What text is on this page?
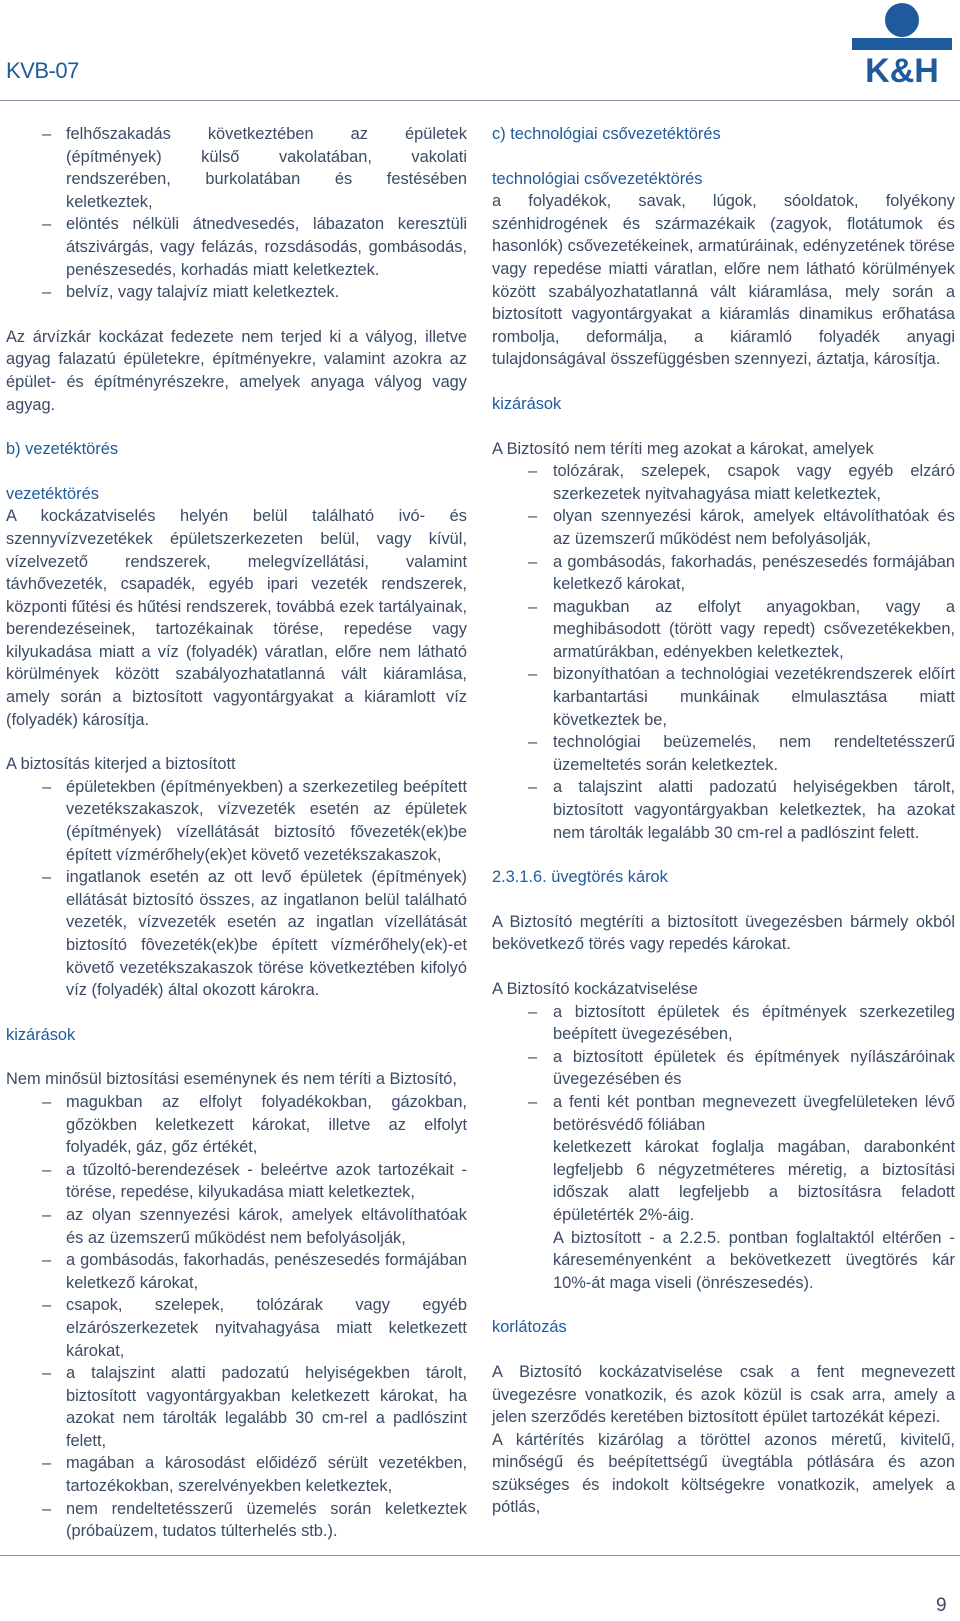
KVB-07	K&H

– felhőszakadás következtében az épületek (építmények) külső vakolatában, vakolati rendszerében, burkolatában és festésében keletkeztek,

– elöntés nélküli átnedvesedés, lábazaton keresztüli átszivárgás, vagy felázás, rozsdásodás, gombásodás, penészesedés, korhadás miatt keletkeztek.

– belvíz, vagy talajvíz miatt keletkeztek.

Az árvízkár kockázat fedezete nem terjed ki a vályog, illetve agyag falazatú épületekre, építményekre, valamint azokra az épület- és építményrészekre, amelyek anyaga vályog vagy agyag.

b) vezetéktörés

vezetéktörés

A kockázatviselés helyén belül található ivó- és szennyvízvezetékek épületszerkezeten belül, vagy kívül, vízelvezető rendszerek, melegvízellátási, valamint távhővezeték, csapadék, egyéb ipari vezeték rendszerek, központi fűtési és hűtési rendszerek, továbbá ezek tartályainak, berendezéseinek, tartozékainak törése, repedése vagy kilyukadása miatt a víz (folyadék) váratlan, előre nem látható körülmények között szabályozhatatlanná vált kiáramlása, amely során a biztosított vagyontárgyakat a kiáramlott víz (folyadék) károsítja.

A biztosítás kiterjed a biztosított

– épületekben (építményekben) a szerkezetileg beépített vezetékszakaszok, vízvezeték esetén az épületek (építmények) vízellátását biztosító fővezeték(ek)be épített vízmérőhely(ek)et követő vezetékszakaszok,

– ingatlanok esetén az ott levő épületek (építmények) ellátását biztosító összes, az ingatlanon belül található vezeték, vízvezeték esetén az ingatlan vízellátását biztosító fôvezeték(ek)be épített vízmérőhely(ek)-et követő vezetékszakaszok törése következtében kifolyó víz (folyadék) által okozott károkra.

kizárások

Nem minősül biztosítási eseménynek és nem téríti a Biztosító,

– magukban az elfolyt folyadékokban, gázokban, gőzökben keletkezett károkat, illetve az elfolyt folyadék, gáz, gőz értékét,

– a tűzoltó-berendezések - beleértve azok tartozékait - törése, repedése, kilyukadása miatt keletkeztek,

– az olyan szennyezési károk, amelyek eltávolíthatóak és az üzemszerű működést nem befolyásolják,

– a gombásodás, fakorhadás, penészesedés formájában keletkező károkat,

– csapok, szelepek, tolózárak vagy egyéb elzárószerkezetek nyitvahagyása miatt keletkezett károkat,

– a talajszint alatti padozatú helyiségekben tárolt, biztosított vagyontárgyakban keletkezett károkat, ha azokat nem tárolták legalább 30 cm-rel a padlószint felett,

– magában a károsodást előidéző sérült vezetékben, tartozékokban, szerelvényekben keletkeztek,

– nem rendeltetésszerű üzemelés során keletkeztek (próbaüzem, tudatos túlterhelés stb.).

c) technológiai csővezetéktörés

technológiai csővezetéktörés

a folyadékok, savak, lúgok, sóoldatok, folyékony szénhidrogének és származékaik (zagyok, flotátumok és hasonlók) csővezetékeinek, armatúráinak, edényzetének törése vagy repedése miatti váratlan, előre nem látható körülmények között szabályozhatatlanná vált kiáramlása, mely során a biztosított vagyontárgyakat a kiáramlás dinamikus erőhatása rombolja, deformálja, a kiáramló folyadék anyagi tulajdonságával összefüggésben szennyezi, áztatja, károsítja.

kizárások

A Biztosító nem téríti meg azokat a károkat, amelyek

– tolózárak, szelepek, csapok vagy egyéb elzáró szerkezetek nyitvahagyása miatt keletkeztek,

– olyan szennyezési károk, amelyek eltávolíthatóak és az üzemszerű működést nem befolyásolják,

– a gombásodás, fakorhadás, penészesedés formájában keletkező károkat,

– magukban az elfolyt anyagokban, vagy a meghibásodott (törött vagy repedt) csővezetékekben, armatúrákban, edényekben keletkeztek,

– bizonyíthatóan a technológiai vezetékrendszerek előírt karbantartási munkáinak elmulasztása miatt következtek be,

– technológiai beüzemelés, nem rendeltetésszerű üzemeltetés során keletkeztek.

– a talajszint alatti padozatú helyiségekben tárolt, biztosított vagyontárgyakban keletkeztek, ha azokat nem tárolták legalább 30 cm-rel a padlószint felett.

2.3.1.6. üvegtörés károk

A Biztosító megtéríti a biztosított üvegezésben bármely okból bekövetkező törés vagy repedés károkat.

A Biztosító kockázatviselése

– a biztosított épületek és építmények szerkezetileg beépített üvegezésében,

– a biztosított épületek és építmények nyílászáróinak üvegezésében és

– a fenti két pontban megnevezett üvegfelületeken lévő betörésvédő fóliában

keletkezett károkat foglalja magában, darabonként legfeljebb 6 négyzetméteres méretig, a biztosítási időszak alatt legfeljebb a biztosításra feladott épületérték 2%-áig.

A biztosított - a 2.2.5. pontban foglaltaktól eltérően - káreseményenként a bekövetkezett üvegtörés kár 10%-át maga viseli (önrészesedés).

korlátozás

A Biztosító kockázatviselése csak a fent megnevezett üvegezésre vonatkozik, és azok közül is csak arra, amely a jelen szerződés keretében biztosított épület tartozékát képezi.

A kártérítés kizárólag a töröttel azonos méretű, kivitelű, minőségű és beépítettségű üvegtábla pótlására és azon szükséges és indokolt költségekre vonatkozik, amelyek a pótlás,

9
